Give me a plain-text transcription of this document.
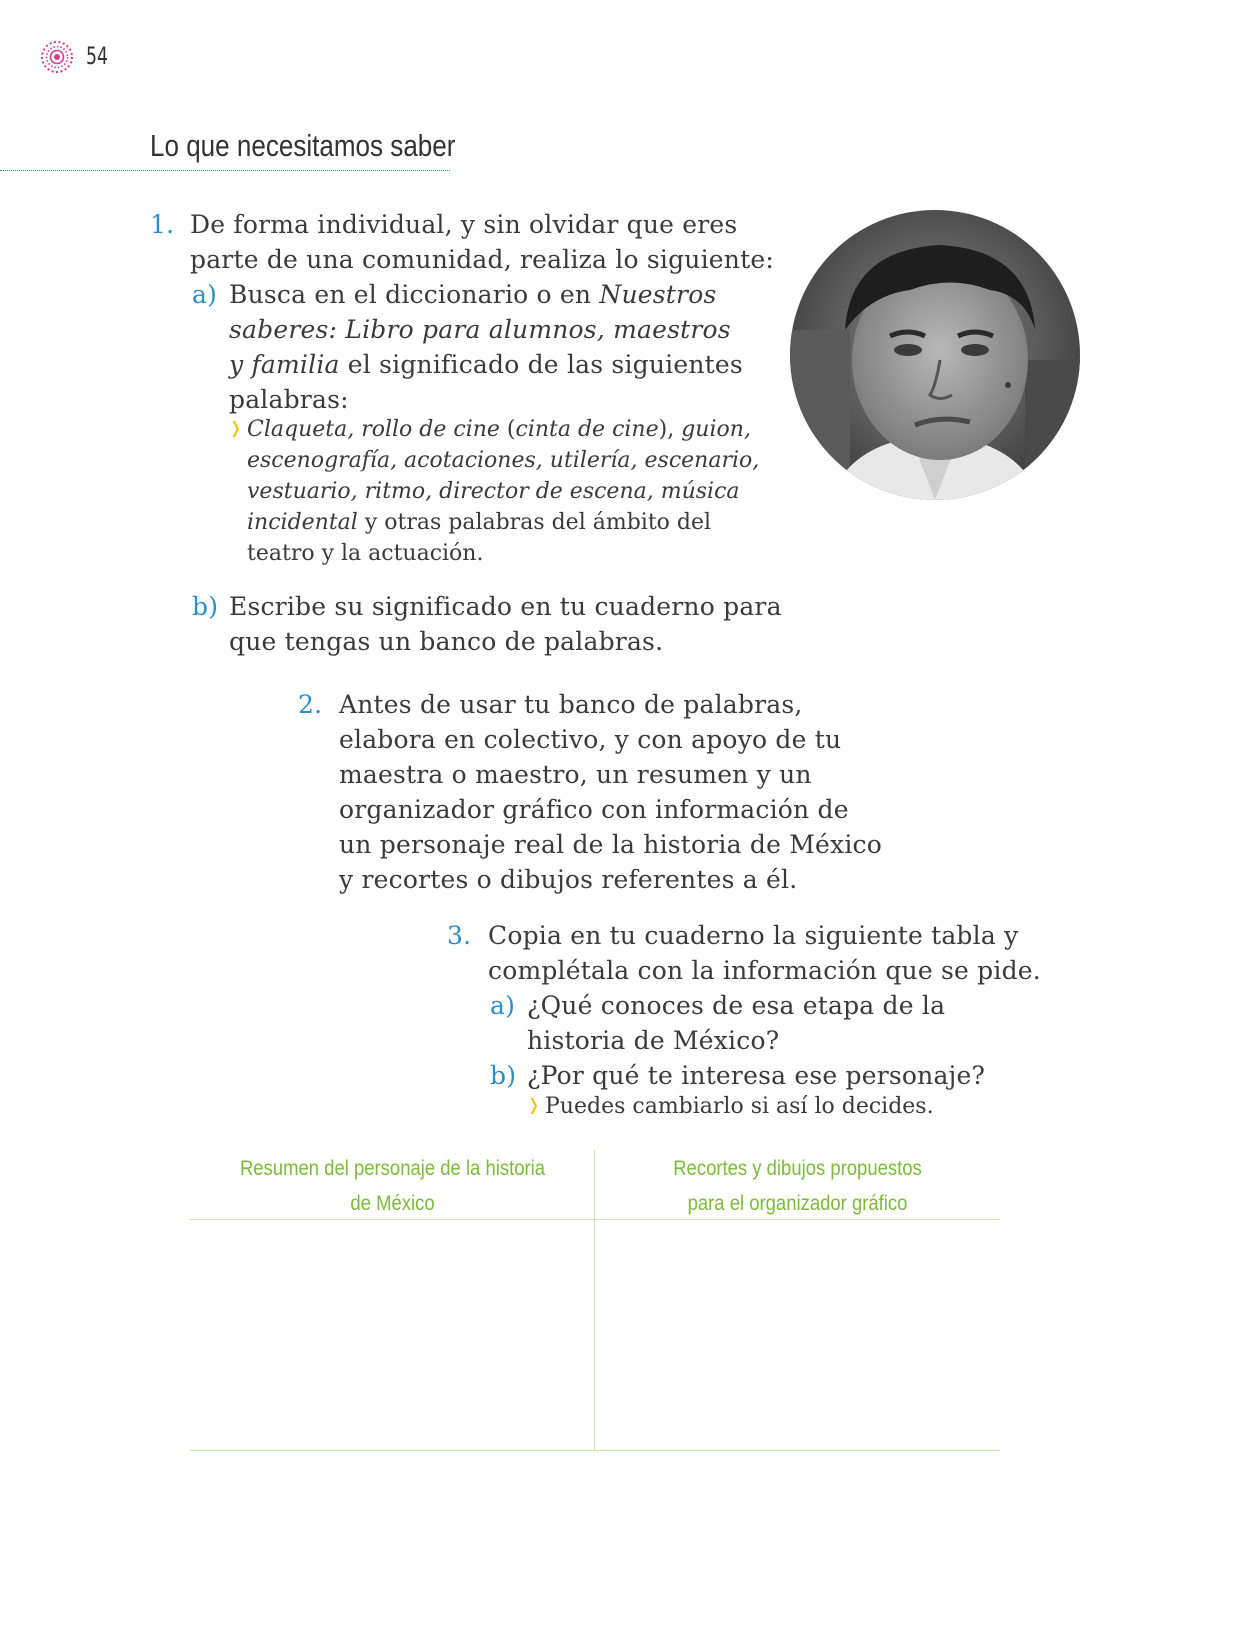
54
Lo que necesitamos saber
1. De forma individual, y sin olvidar que eres
parte de una comunidad, realiza lo siguiente:
a) Busca en el diccionario o en Nuestros
saberes: Libro para alumnos, maestros
y familia el significado de las siguientes
palabras:
❭ Claqueta, rollo de cine (cinta de cine), guion,
escenografía, acotaciones, utilería, escenario,
vestuario, ritmo, director de escena, música
incidental y otras palabras del ámbito del
teatro y la actuación.
b) Escribe su significado en tu cuaderno para
que tengas un banco de palabras.
2. Antes de usar tu banco de palabras,
elabora en colectivo, y con apoyo de tu
maestra o maestro, un resumen y un
organizador gráfico con información de
un personaje real de la historia de México
y recortes o dibujos referentes a él.
3. Copia en tu cuaderno la siguiente tabla y
complétala con la información que se pide.
a) ¿Qué conoces de esa etapa de la
historia de México?
b) ¿Por qué te interesa ese personaje?
❭ Puedes cambiarlo si así lo decides.
Resumen del personaje de la historia
de México
Recortes y dibujos propuestos
para el organizador gráfico
